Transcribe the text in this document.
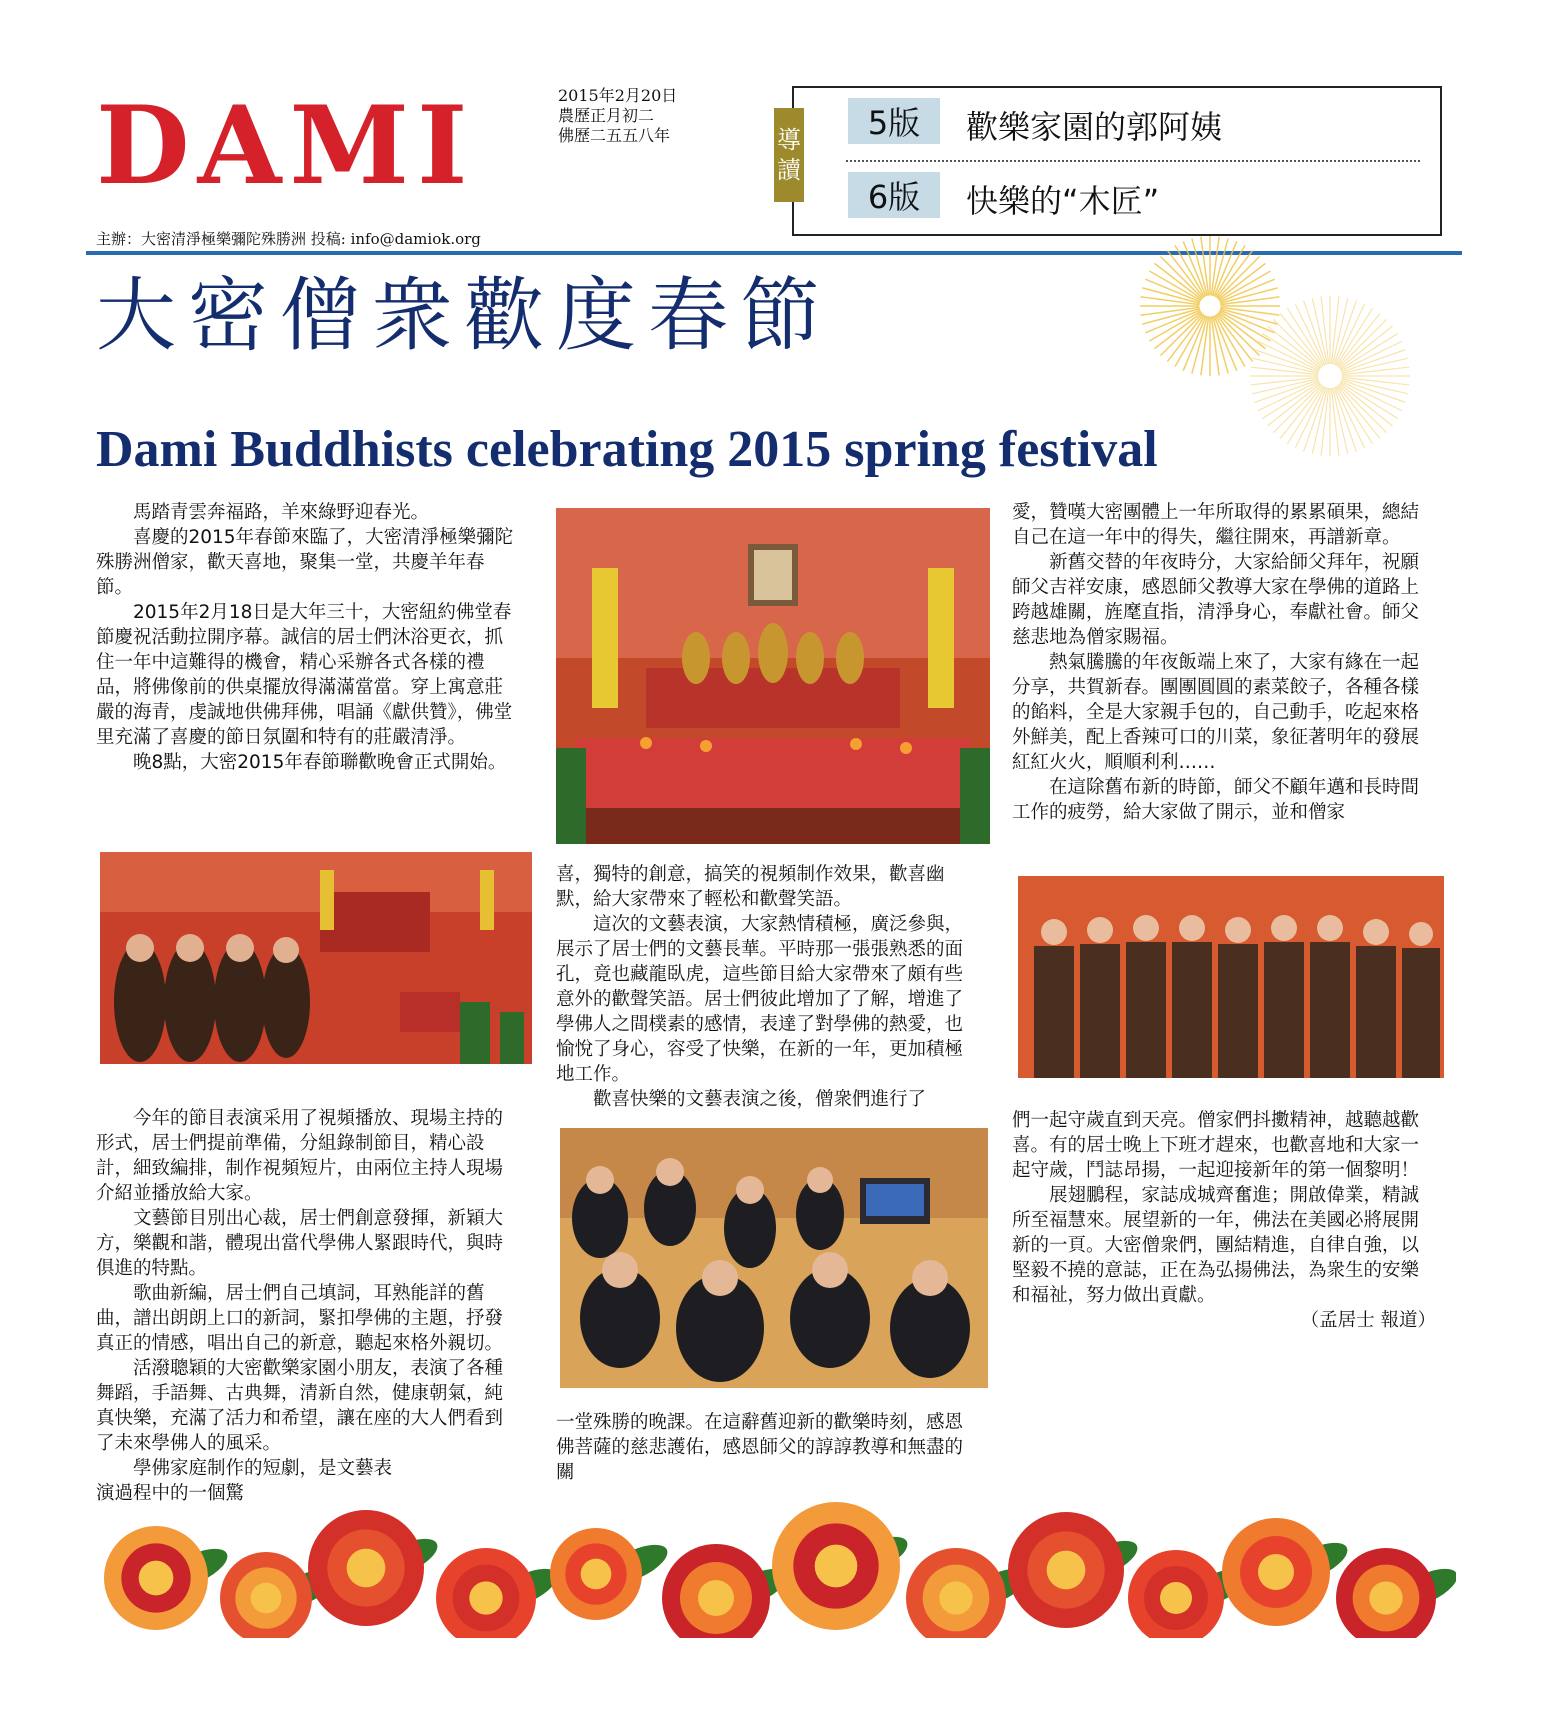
DAMI	2015年2月20日
農歷正月初二
佛歷二五五八年	5版	歡樂家園的郭阿姨
6版	快樂的“木匠”
導
讀
主辦：大密清淨極樂彌陀殊勝洲 投稿: info@damiok.org
大密僧衆歡度春節
Dami Buddhists celebrating 2015 spring festival

馬踏青雲奔福路，羊來綠野迎春光。

喜慶的2015年春節來臨了，大密清淨極樂彌陀殊勝洲僧家，歡天喜地，聚集一堂，共慶羊年春節。

2015年2月18日是大年三十，大密紐約佛堂春節慶祝活動拉開序幕。誠信的居士們沐浴更衣，抓住一年中這難得的機會，精心采辦各式各樣的禮品，將佛像前的供桌擺放得滿滿當當。穿上寓意莊嚴的海青，虔誠地供佛拜佛，唱誦《獻供贊》，佛堂里充滿了喜慶的節日氛圍和特有的莊嚴清淨。

晚8點，大密2015年春節聯歡晚會正式開始。

愛，贊嘆大密團體上一年所取得的累累碩果，總結自己在這一年中的得失，繼往開來，再譜新章。

新舊交替的年夜時分，大家給師父拜年，祝願師父吉祥安康，感恩師父教導大家在學佛的道路上跨越雄關，旌麾直指，清淨身心，奉獻社會。師父慈悲地為僧家賜福。

熱氣騰騰的年夜飯端上來了，大家有緣在一起分享，共賀新春。團團圓圓的素菜餃子，各種各樣的餡料，全是大家親手包的，自己動手，吃起來格外鮮美，配上香辣可口的川菜，象征著明年的發展紅紅火火，順順利利……

在這除舊布新的時節，師父不顧年邁和長時間工作的疲勞，給大家做了開示，並和僧家

喜，獨特的創意，搞笑的視頻制作效果，歡喜幽默，給大家帶來了輕松和歡聲笑語。

這次的文藝表演，大家熱情積極，廣泛參與，展示了居士們的文藝長華。平時那一張張熟悉的面孔，竟也藏龍臥虎，這些節目給大家帶來了頗有些意外的歡聲笑語。居士們彼此增加了了解，增進了學佛人之間樸素的感情，表達了對學佛的熱愛，也愉悅了身心，容受了快樂，在新的一年，更加積極地工作。

歡喜快樂的文藝表演之後，僧衆們進行了

今年的節目表演采用了視頻播放、現場主持的形式，居士們提前準備，分組錄制節目，精心設計，細致編排，制作視頻短片，由兩位主持人現場介紹並播放給大家。

文藝節目別出心裁，居士們創意發揮，新穎大方，樂觀和諧，體現出當代學佛人緊跟時代，與時俱進的特點。

歌曲新編，居士們自己填詞，耳熟能詳的舊曲，譜出朗朗上口的新詞，緊扣學佛的主題，抒發真正的情感，唱出自己的新意，聽起來格外親切。

活潑聰穎的大密歡樂家園小朋友，表演了各種舞蹈，手語舞、古典舞，清新自然，健康朝氣，純真快樂，充滿了活力和希望，讓在座的大人們看到了未來學佛人的風采。

學佛家庭制作的短劇，是文藝表演過程中的一個驚

們一起守歲直到天亮。僧家們抖擻精神，越聽越歡喜。有的居士晚上下班才趕來，也歡喜地和大家一起守歲，鬥誌昂揚，一起迎接新年的第一個黎明！

展翅鵬程，家誌成城齊奮進；開啟偉業，精誠所至福慧來。展望新的一年，佛法在美國必將展開新的一頁。大密僧衆們，團結精進，自律自強，以堅毅不撓的意誌，正在為弘揚佛法，為衆生的安樂和福祉，努力做出貢獻。

（孟居士 報道）

一堂殊勝的晚課。在這辭舊迎新的歡樂時刻，感恩佛菩薩的慈悲護佑，感恩師父的諄諄教導和無盡的關
